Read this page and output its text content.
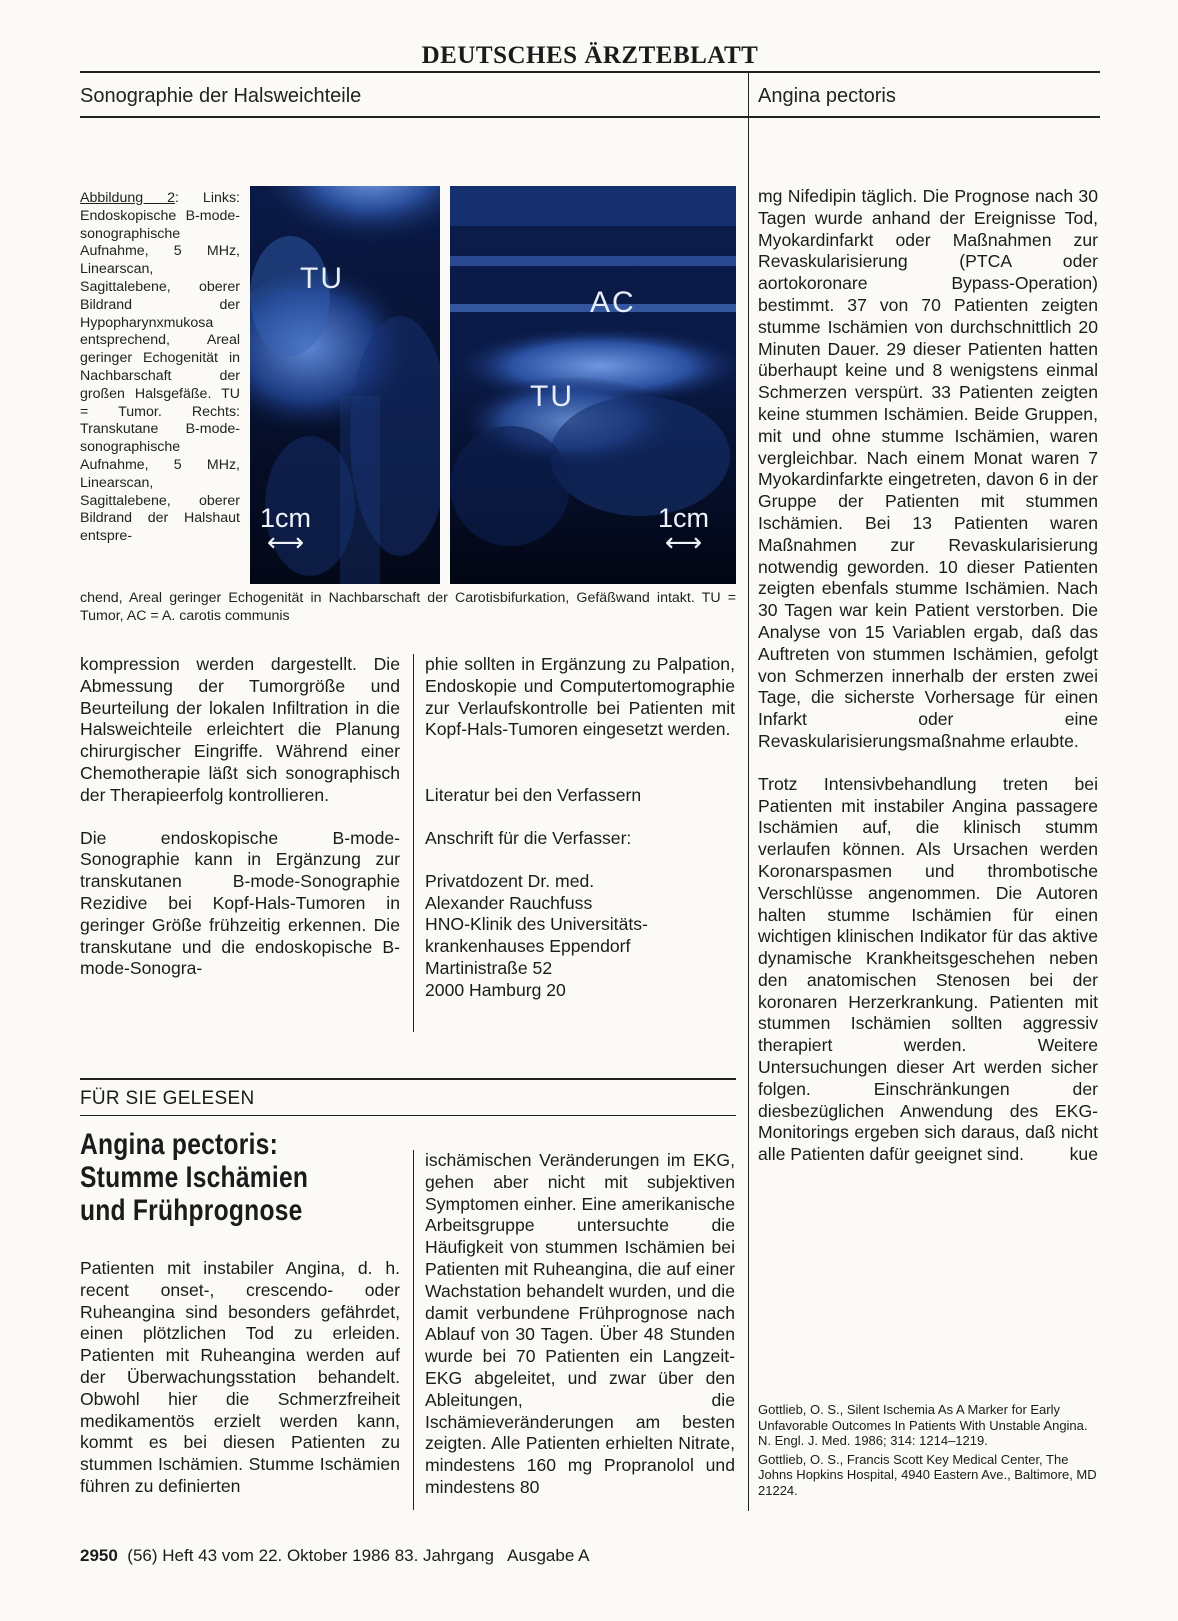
DEUTSCHES ÄRZTEBLATT
Sonographie der Halsweichteile	Angina pectoris
Abbildung 2: Links: Endoskopische B-mode-sonographische Aufnahme, 5 MHz, Linearscan, Sagittalebene, oberer Bildrand der Hypopharynxmukosa entsprechend, Areal geringer Echogenität in Nachbarschaft der großen Halsgefäße. TU = Tumor. Rechts: Transkutane B-mode-sonographische Aufnahme, 5 MHz, Linearscan, Sagittalebene, oberer Bildrand der Halshaut entspre-
chend, Areal geringer Echogenität in Nachbarschaft der Carotisbifurkation, Gefäßwand intakt. TU = Tumor, AC = A. carotis communis
TU
1cm
⟷
AC
TU
1cm
⟷

kompression werden dargestellt. Die Abmessung der Tumorgröße und Beurteilung der lokalen Infiltration in die Halsweichteile erleichtert die Planung chirurgischer Eingriffe. Während einer Chemotherapie läßt sich sonographisch der Therapieerfolg kontrollieren.

Die endoskopische B-mode-Sonographie kann in Ergänzung zur transkutanen B-mode-Sonographie Rezidive bei Kopf-Hals-Tumoren in geringer Größe frühzeitig erkennen. Die transkutane und die endoskopische B-mode-Sonogra-

phie sollten in Ergänzung zu Palpation, Endoskopie und Computertomographie zur Verlaufskontrolle bei Patienten mit Kopf-Hals-Tumoren eingesetzt werden.

Literatur bei den Verfassern

Anschrift für die Verfasser:

Privatdozent Dr. med.
Alexander Rauchfuss
HNO-Klinik des Universitäts-
krankenhauses Eppendorf
Martinistraße 52
2000 Hamburg 20
FÜR SIE GELESEN
Angina pectoris:
Stumme Ischämien
und Frühprognose
Patienten mit instabiler Angina, d. h. recent onset-, crescendo- oder Ruheangina sind besonders gefährdet, einen plötzlichen Tod zu erleiden. Patienten mit Ruheangina werden auf der Überwachungsstation behandelt. Obwohl hier die Schmerzfreiheit medikamentös erzielt werden kann, kommt es bei diesen Patienten zu stummen Ischämien. Stumme Ischämien führen zu definierten
ischämischen Veränderungen im EKG, gehen aber nicht mit subjektiven Symptomen einher. Eine amerikanische Arbeitsgruppe untersuchte die Häufigkeit von stummen Ischämien bei Patienten mit Ruheangina, die auf einer Wachstation behandelt wurden, und die damit verbundene Frühprognose nach Ablauf von 30 Tagen. Über 48 Stunden wurde bei 70 Patienten ein Langzeit-EKG abgeleitet, und zwar über den Ableitungen, die Ischämieveränderungen am besten zeigten. Alle Patienten erhielten Nitrate, mindestens 160 mg Propranolol und mindestens 80

mg Nifedipin täglich. Die Prognose nach 30 Tagen wurde anhand der Ereignisse Tod, Myokardinfarkt oder Maßnahmen zur Revaskularisierung (PTCA oder aortokoronare Bypass-Operation) bestimmt. 37 von 70 Patienten zeigten stumme Ischämien von durchschnittlich 20 Minuten Dauer. 29 dieser Patienten hatten überhaupt keine und 8 wenigstens einmal Schmerzen verspürt. 33 Patienten zeigten keine stummen Ischämien. Beide Gruppen, mit und ohne stumme Ischämien, waren vergleichbar. Nach einem Monat waren 7 Myokardinfarkte eingetreten, davon 6 in der Gruppe der Patienten mit stummen Ischämien. Bei 13 Patienten waren Maßnahmen zur Revaskularisierung notwendig geworden. 10 dieser Patienten zeigten ebenfals stumme Ischämien. Nach 30 Tagen war kein Patient verstorben. Die Analyse von 15 Variablen ergab, daß das Auftreten von stummen Ischämien, gefolgt von Schmerzen innerhalb der ersten zwei Tage, die sicherste Vorhersage für einen Infarkt oder eine Revaskularisierungsmaßnahme erlaubte.

Trotz Intensivbehandlung treten bei Patienten mit instabiler Angina passagere Ischämien auf, die klinisch stumm verlaufen können. Als Ursachen werden Koronarspasmen und thrombotische Verschlüsse angenommen. Die Autoren halten stumme Ischämien für einen wichtigen klinischen Indikator für das aktive dynamische Krankheitsgeschehen neben den anatomischen Stenosen bei der koronaren Herzerkrankung. Patienten mit stummen Ischämien sollten aggressiv therapiert werden. Weitere Untersuchungen dieser Art werden sicher folgen. Einschränkungen der diesbezüglichen Anwendung des EKG-Monitorings ergeben sich daraus, daß nicht alle Patienten dafür geeignet sind.	kue

Gottlieb, O. S., Silent Ischemia As A Marker for Early Unfavorable Outcomes In Patients With Unstable Angina. N. Engl. J. Med. 1986; 314: 1214–1219.

Gottlieb, O. S., Francis Scott Key Medical Center, The Johns Hopkins Hospital, 4940 Eastern Ave., Baltimore, MD 21224.

2950 (56) Heft 43 vom 22. Oktober 1986 83. Jahrgang   Ausgabe A
